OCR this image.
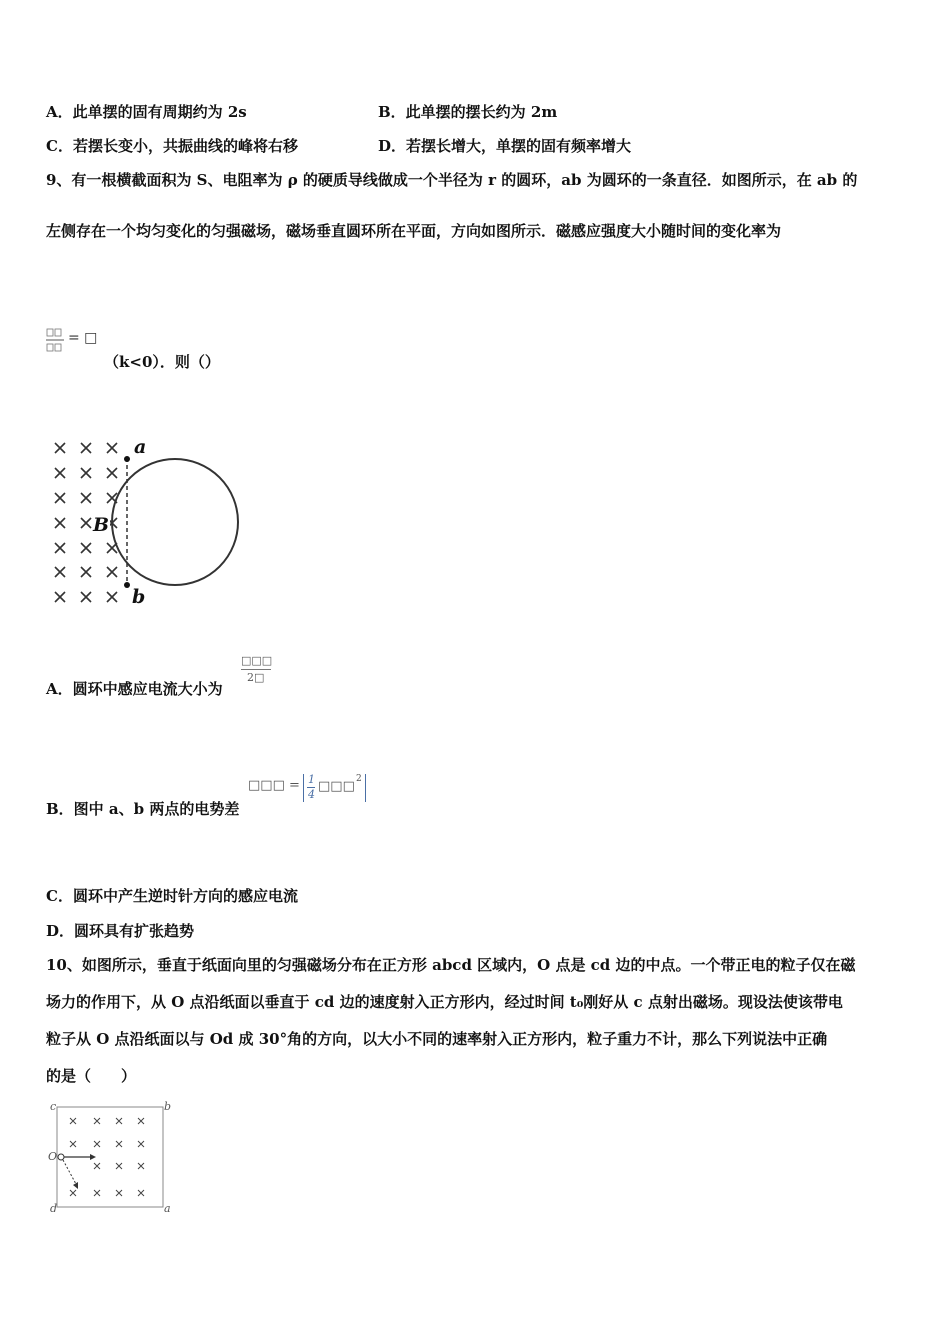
A．此单摆的固有周期约为 2s	B．此单摆的摆长约为 2m
C．若摆长变小，共振曲线的峰将右移	D．若摆长增大，单摆的固有频率增大
9、有一根横截面积为 S、电阻率为 ρ 的硬质导线做成一个半径为 r 的圆环，ab 为圆环的一条直径．如图所示，在 ab 的
左侧存在一个均匀变化的匀强磁场，磁场垂直圆环所在平面，方向如图所示．磁感应强度大小随时间的变化率为
= □
（k<0）．则（）
a
b
B
A．圆环中感应电流大小为
□□□
2□
B．图中 a、b 两点的电势差
□□□ = 1
4
□□□ 2
C．圆环中产生逆时针方向的感应电流
D．圆环具有扩张趋势
10、如图所示，垂直于纸面向里的匀强磁场分布在正方形 abcd 区域内，O 点是 cd 边的中点。一个带正电的粒子仅在磁
场力的作用下，从 O 点沿纸面以垂直于 cd 边的速度射入正方形内，经过时间 t₀刚好从 c 点射出磁场。现设法使该带电
粒子从 O 点沿纸面以与 Od 成 30°角的方向，以大小不同的速率射入正方形内，粒子重力不计，那么下列说法中正确
的是（　　）
c	b
O
d	a
